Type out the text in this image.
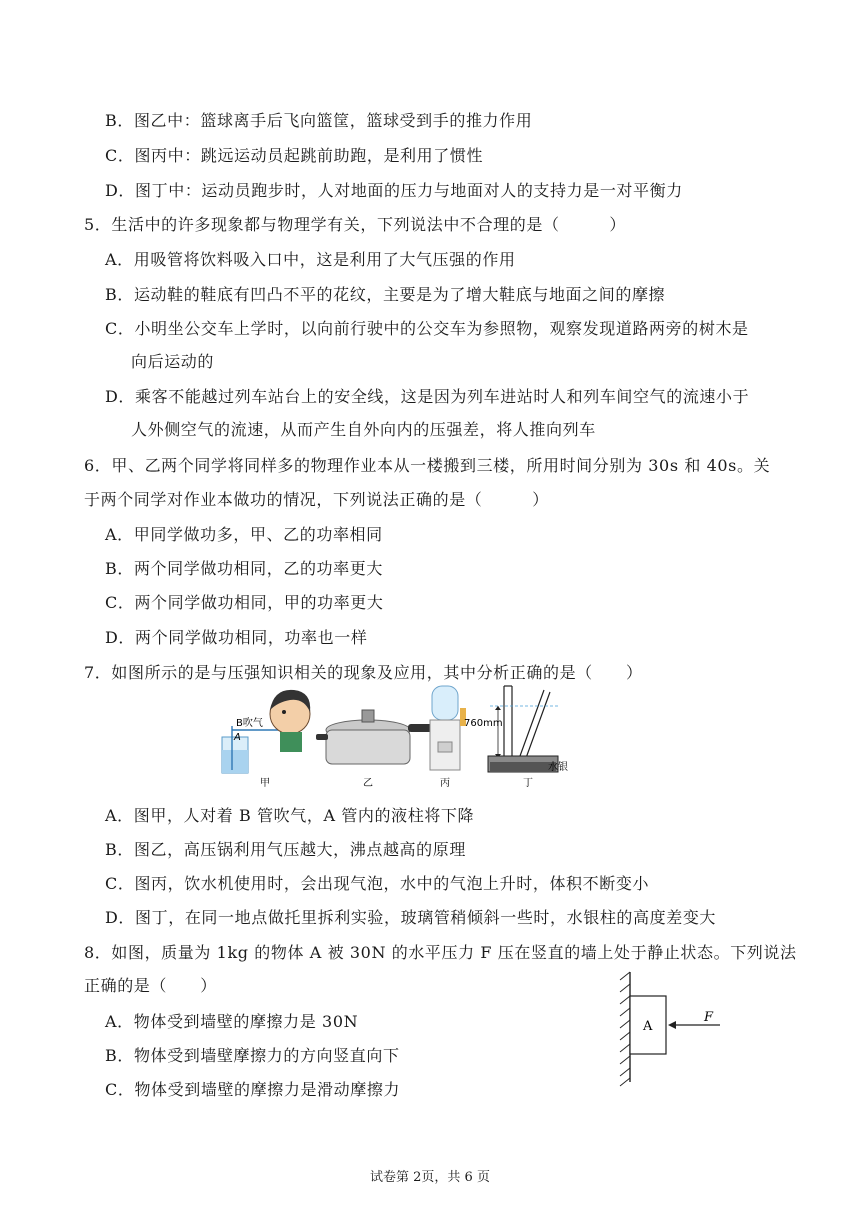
B．图乙中：篮球离手后飞向篮筐，篮球受到手的推力作用
C．图丙中：跳远运动员起跳前助跑，是利用了惯性
D．图丁中：运动员跑步时，人对地面的压力与地面对人的支持力是一对平衡力
5．生活中的许多现象都与物理学有关，下列说法中不合理的是（　　　）
A．用吸管将饮料吸入口中，这是利用了大气压强的作用
B．运动鞋的鞋底有凹凸不平的花纹，主要是为了增大鞋底与地面之间的摩擦
C．小明坐公交车上学时，以向前行驶中的公交车为参照物，观察发现道路两旁的树木是
向后运动的
D．乘客不能越过列车站台上的安全线，这是因为列车进站时人和列车间空气的流速小于
人外侧空气的流速，从而产生自外向内的压强差，将人推向列车
6．甲、乙两个同学将同样多的物理作业本从一楼搬到三楼，所用时间分别为 30s 和 40s。关
于两个同学对作业本做功的情况，下列说法正确的是（　　　）
A．甲同学做功多，甲、乙的功率相同
B．两个同学做功相同，乙的功率更大
C．两个同学做功相同，甲的功率更大
D．两个同学做功相同，功率也一样
7．如图所示的是与压强知识相关的现象及应用，其中分析正确的是（　　）
A．图甲，人对着 B 管吹气，A 管内的液柱将下降
B．图乙，高压锅利用气压越大，沸点越高的原理
C．图丙，饮水机使用时，会出现气泡，水中的气泡上升时，体积不断变小
D．图丁，在同一地点做托里拆利实验，玻璃管稍倾斜一些时，水银柱的高度差变大
8．如图，质量为 1kg 的物体 A 被 30N 的水平压力 F 压在竖直的墙上处于静止状态。下列说法
正确的是（　　）
A．物体受到墙壁的摩擦力是 30N
B．物体受到墙壁摩擦力的方向竖直向下
C．物体受到墙壁的摩擦力是滑动摩擦力
B吹气
A
甲	乙	丙
760mm
水银
丁
A
F
试卷第 2页，共 6 页
